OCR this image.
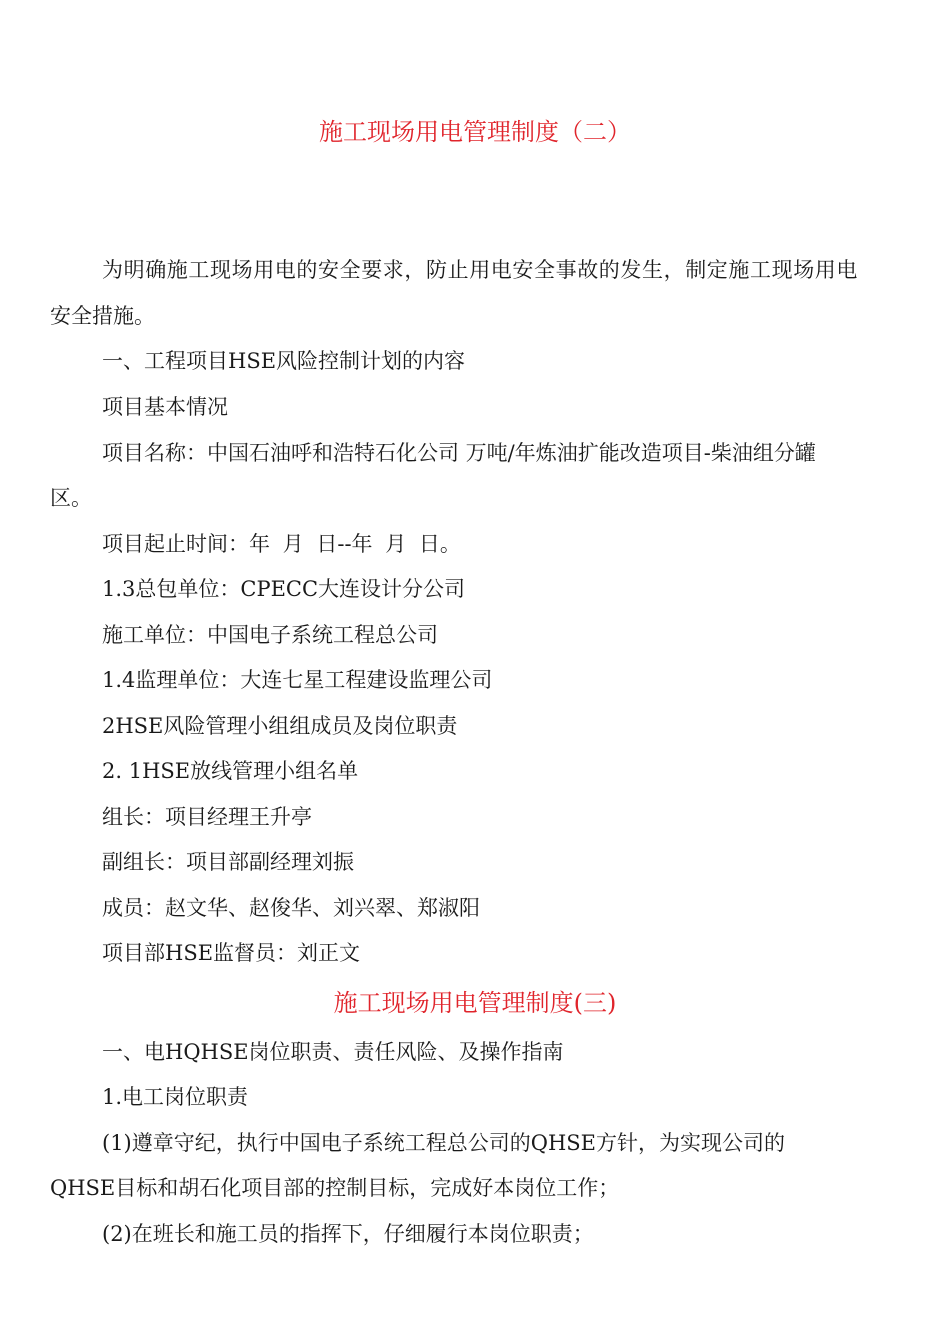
施工现场用电管理制度（二）
为明确施工现场用电的安全要求，防止用电安全事故的发生，制定施工现场用电
安全措施。
一、工程项目HSE风险控制计划的内容
项目基本情况
项目名称：中国石油呼和浩特石化公司 万吨/年炼油扩能改造项目-柴油组分罐
区。
项目起止时间：年 月 日--年 月 日。
1.3总包单位：CPECC大连设计分公司
施工单位：中国电子系统工程总公司
1.4监理单位：大连七星工程建设监理公司
2HSE风险管理小组组成员及岗位职责
2. 1HSE放线管理小组名单
组长：项目经理王升亭
副组长：项目部副经理刘振
成员：赵文华、赵俊华、刘兴翠、郑淑阳
项目部HSE监督员：刘正文
施工现场用电管理制度(三)
一、电HQHSE岗位职责、责任风险、及操作指南
1.电工岗位职责
(1)遵章守纪，执行中国电子系统工程总公司的QHSE方针，为实现公司的
QHSE目标和胡石化项目部的控制目标，完成好本岗位工作；
(2)在班长和施工员的指挥下，仔细履行本岗位职责；
